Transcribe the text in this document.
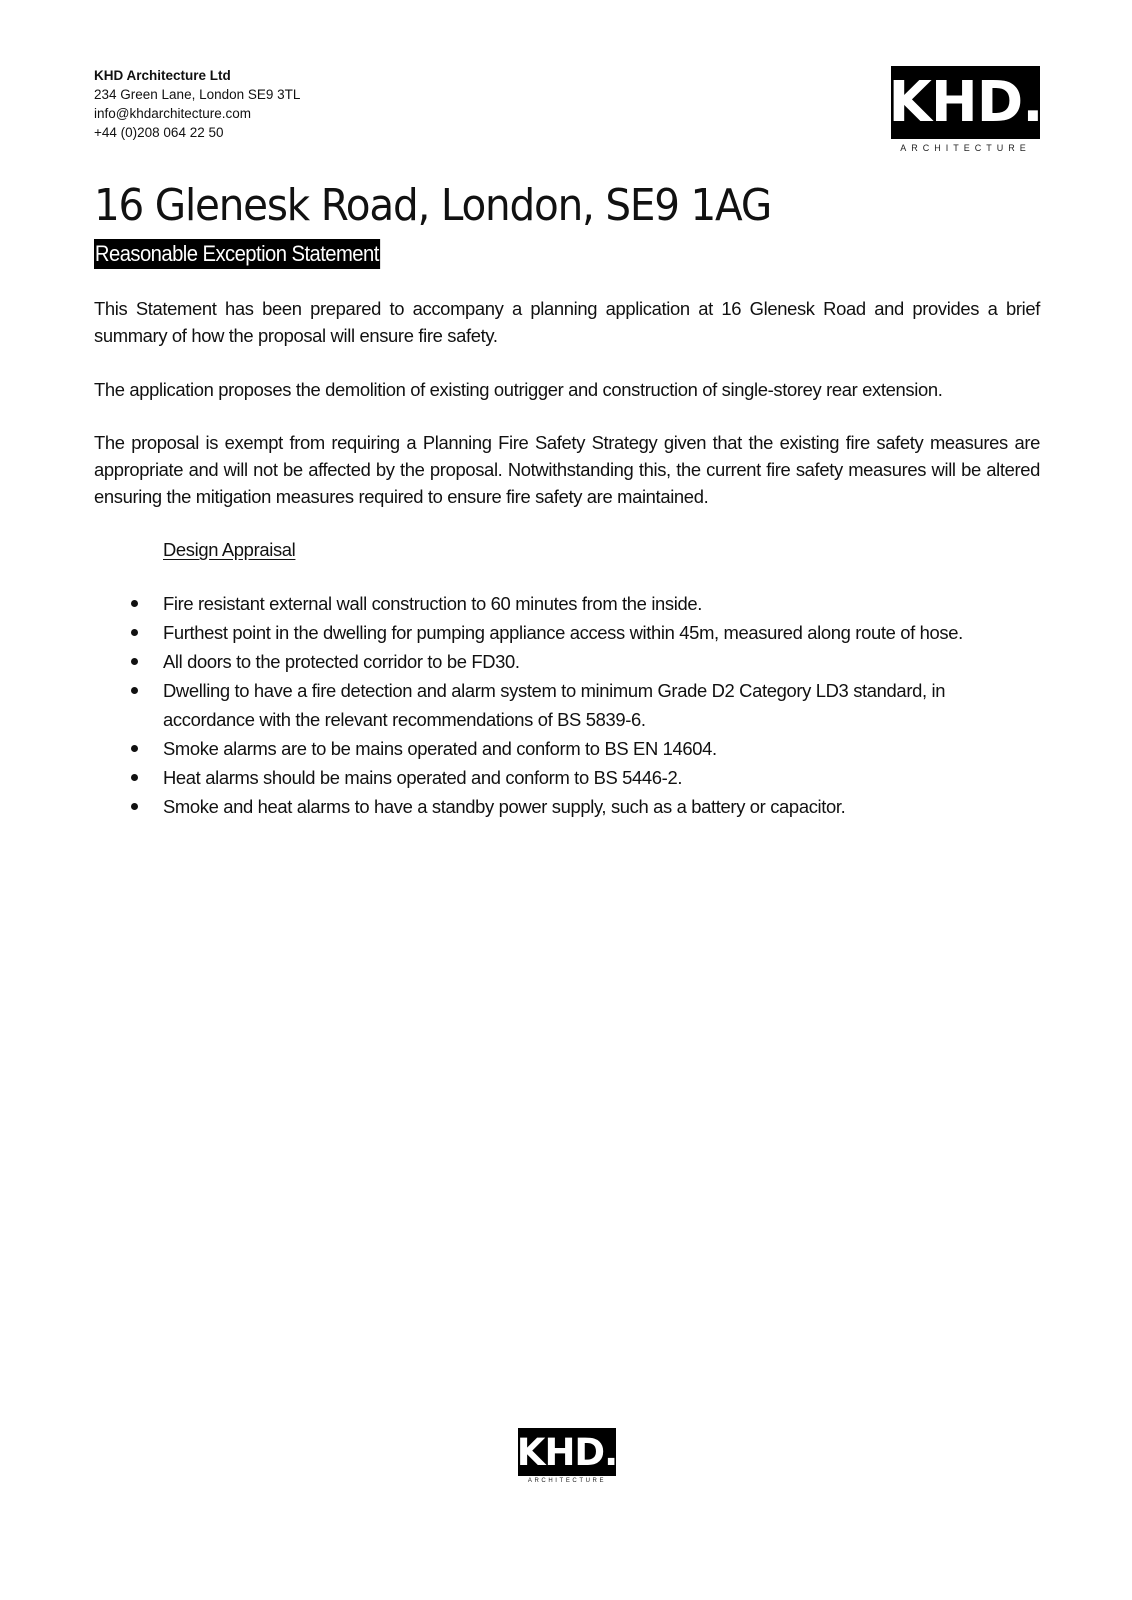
KHD Architecture Ltd
234 Green Lane, London SE9 3TL
info@khdarchitecture.com
+44 (0)208 064 22 50	KHD.
ARCHITECTURE
16 Glenesk Road, London, SE9 1AG
Reasonable Exception Statement

This Statement has been prepared to accompany a planning application at 16 Glenesk Road and provides a brief summary of how the proposal will ensure fire safety.

The application proposes the demolition of existing outrigger and construction of single-storey rear extension.

The proposal is exempt from requiring a Planning Fire Safety Strategy given that the existing fire safety measures are appropriate and will not be affected by the proposal. Notwithstanding this, the current fire safety measures will be altered ensuring the mitigation measures required to ensure fire safety are maintained.

Design Appraisal
Fire resistant external wall construction to 60 minutes from the inside.
Furthest point in the dwelling for pumping appliance access within 45m, measured along route of hose.
All doors to the protected corridor to be FD30.
Dwelling to have a fire detection and alarm system to minimum Grade D2 Category LD3 standard, in accordance with the relevant recommendations of BS 5839-6.
Smoke alarms are to be mains operated and conform to BS EN 14604.
Heat alarms should be mains operated and conform to BS 5446-2.
Smoke and heat alarms to have a standby power supply, such as a battery or capacitor.
KHD.
ARCHITECTURE
